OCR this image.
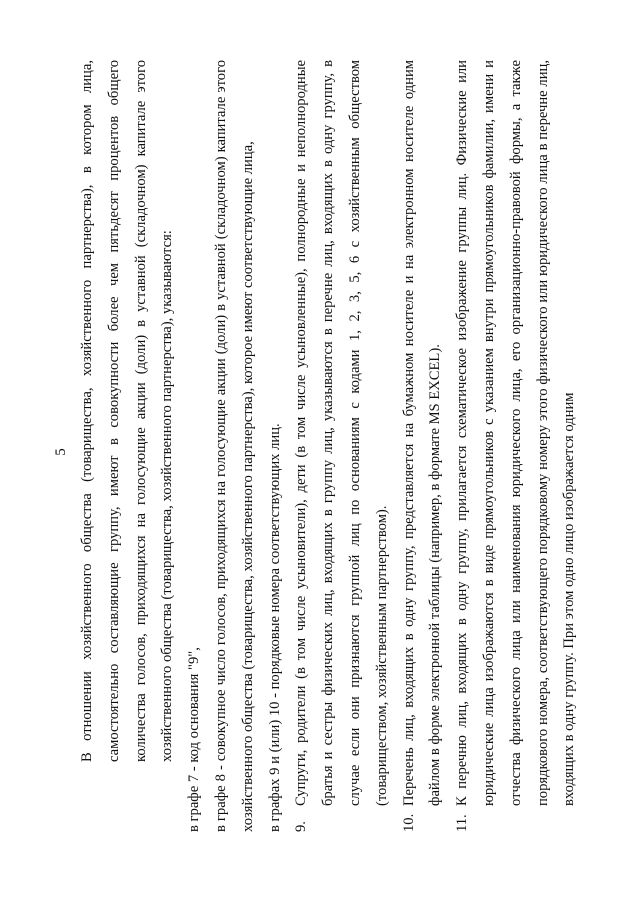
5 В отношении хозяйственного общества (товарищества, хозяйственного партнерства), в котором лица, самостоятельно составляющие группу, имеют в совокупности более чем пятьдесят процентов общего количества голосов, приходящихся на голосующие акции (доли) в уставной (складочном) капитале этого хозяйственного общества (товарищества, хозяйственного партнерства), указываются: в графе 7 - код основания "9", в графе 8 - совокупное число голосов, приходящихся на голосующие акции (доли) в уставной (складочном) капитале этого хозяйственного общества (товарищества, хозяйственного партнерства), которое имеют соответствующие лица, в графах 9 и (или) 10 - порядковые номера соответствующих лиц. 9.
Супруги, родители (в том числе усыновители), дети (в том числе усыновленные), полнородные и неполнородные братья и сестры физических лиц, входящих в группу лиц, указываются в перечне лиц, входящих в одну группу, в случае если они признаются группой лиц по основаниям с кодами 1, 2, 3, 5, 6 с хозяйственным обществом (товариществом, хозяйственным партнерством).

10.
Перечень лиц, входящих в одну группу, представляется на бумажном носителе и на электронном носителе одним файлом в форме электронной таблицы (например, в формате MS EXCEL).

11.
К перечню лиц, входящих в одну группу, прилагается схематическое изображение группы лиц. Физические или юридические лица изображаются в виде прямоугольников с указанием внутри прямоугольников фамилии, имени и отчества физического лица или наименования юридического лица, его организационно-правовой формы, а также порядкового номера, соответствующего порядковому номеру этого физического или юридического лица в перечне лиц, входящих в одну группу. При этом одно лицо изображается одним
